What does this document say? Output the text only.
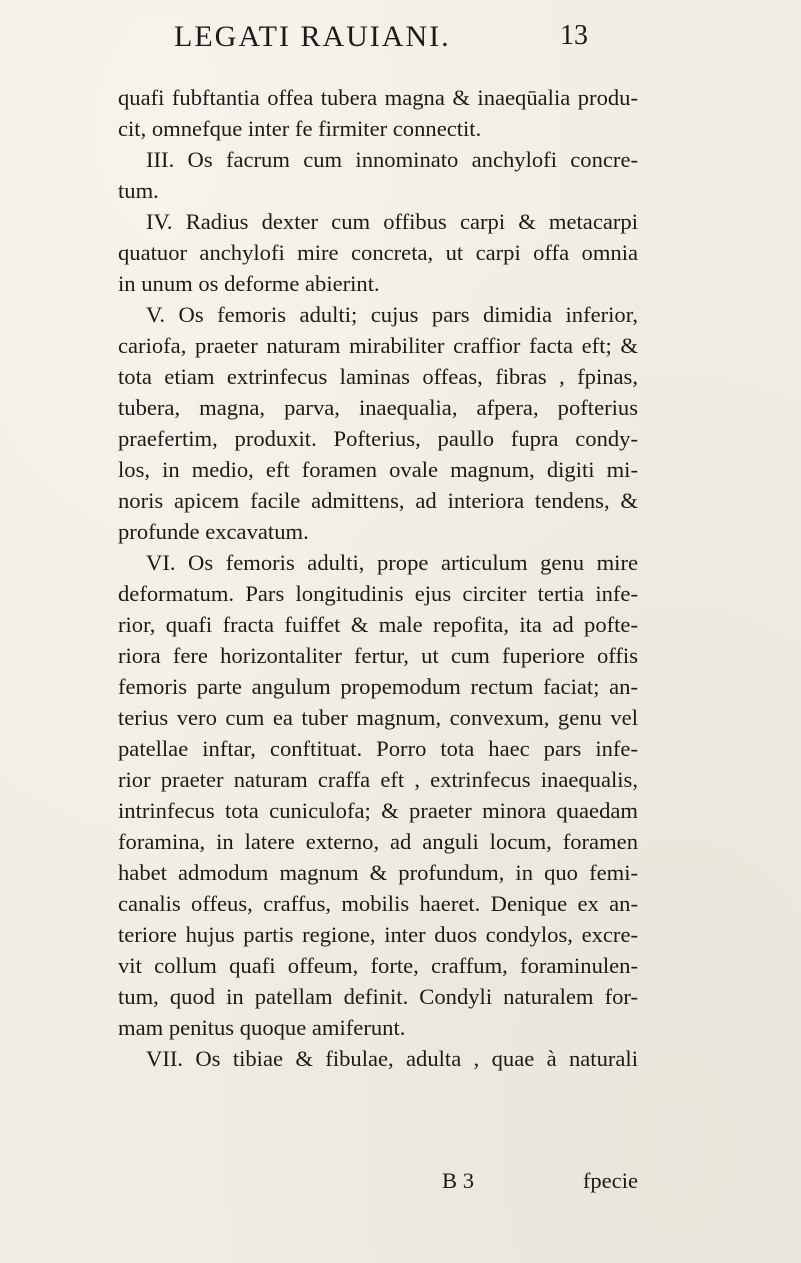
LEGATI RAUIANI.	13
quafi fubftantia offea tubera magna & inaeqūalia produ-
cit, omnefque inter fe firmiter connectit.
III. Os facrum cum innominato anchylofi concre-
tum.
IV. Radius dexter cum offibus carpi & metacarpi
quatuor anchylofi mire concreta, ut carpi offa omnia
in unum os deforme abierint.
V. Os femoris adulti; cujus pars dimidia inferior,
cariofa, praeter naturam mirabiliter craffior facta eft; &
tota etiam extrinfecus laminas offeas, fibras , fpinas,
tubera, magna, parva, inaequalia, afpera, pofterius
praefertim, produxit. Pofterius, paullo fupra condy-
los, in medio, eft foramen ovale magnum, digiti mi-
noris apicem facile admittens, ad interiora tendens, &
profunde excavatum.
VI. Os femoris adulti, prope articulum genu mire
deformatum. Pars longitudinis ejus circiter tertia infe-
rior, quafi fracta fuiffet & male repofita, ita ad pofte-
riora fere horizontaliter fertur, ut cum fuperiore offis
femoris parte angulum propemodum rectum faciat; an-
terius vero cum ea tuber magnum, convexum, genu vel
patellae inftar, conftituat. Porro tota haec pars infe-
rior praeter naturam craffa eft , extrinfecus inaequalis,
intrinfecus tota cuniculofa; & praeter minora quaedam
foramina, in latere externo, ad anguli locum, foramen
habet admodum magnum & profundum, in quo femi-
canalis offeus, craffus, mobilis haeret. Denique ex an-
teriore hujus partis regione, inter duos condylos, excre-
vit collum quafi offeum, forte, craffum, foraminulen-
tum, quod in patellam definit. Condyli naturalem for-
mam penitus quoque amiferunt.
VII. Os tibiae & fibulae, adulta , quae à naturali
B 3	fpecie
